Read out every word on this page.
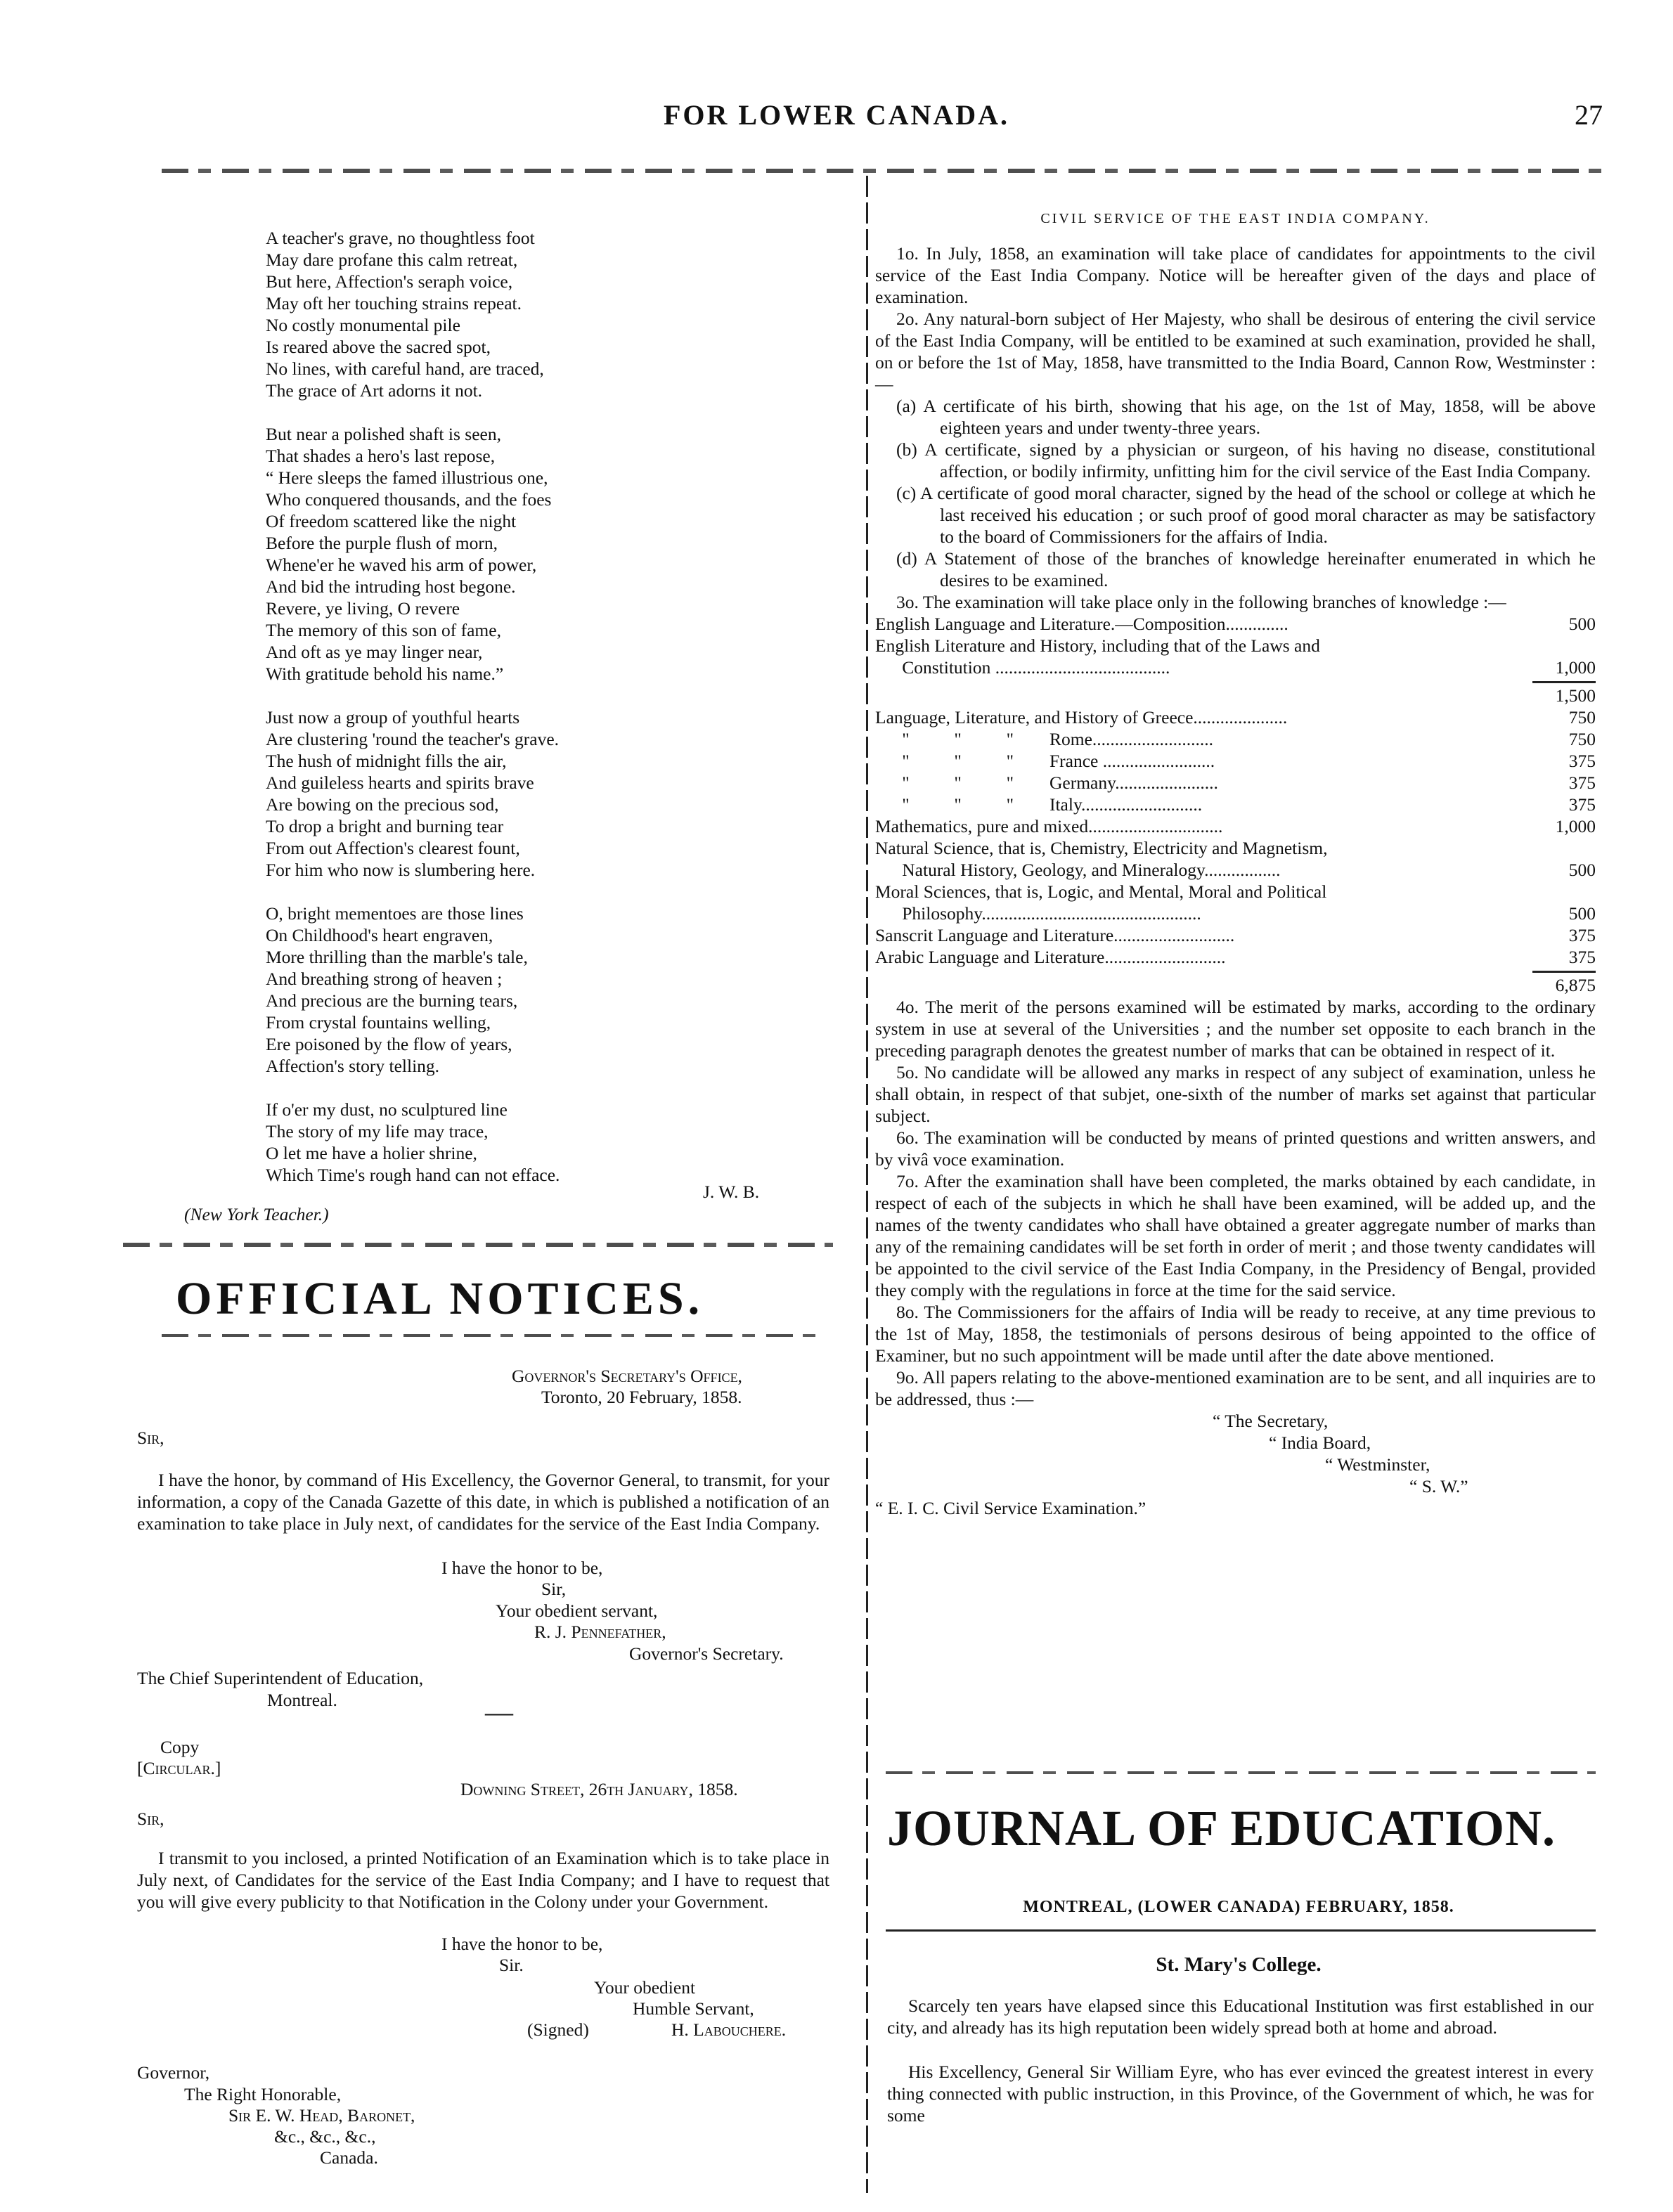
FOR LOWER CANADA.	27

A teacher's grave, no thoughtless foot
May dare profane this calm retreat,
But here, Affection's seraph voice,
May oft her touching strains repeat.
No costly monumental pile
Is reared above the sacred spot,
No lines, with careful hand, are traced,
The grace of Art adorns it not.

But near a polished shaft is seen,
That shades a hero's last repose,
“ Here sleeps the famed illustrious one,
Who conquered thousands, and the foes
Of freedom scattered like the night
Before the purple flush of morn,
Whene'er he waved his arm of power,
And bid the intruding host begone.
Revere, ye living, O revere
The memory of this son of fame,
And oft as ye may linger near,
With gratitude behold his name.”

Just now a group of youthful hearts
Are clustering 'round the teacher's grave.
The hush of midnight fills the air,
And guileless hearts and spirits brave
Are bowing on the precious sod,
To drop a bright and burning tear
From out Affection's clearest fount,
For him who now is slumbering here.

O, bright mementoes are those lines
On Childhood's heart engraven,
More thrilling than the marble's tale,
And breathing strong of heaven ;
And precious are the burning tears,
From crystal fountains welling,
Ere poisoned by the flow of years,
Affection's story telling.

If o'er my dust, no sculptured line
The story of my life may trace,
O let me have a holier shrine,
Which Time's rough hand can not efface.

J. W. B.
(New York Teacher.)
OFFICIAL NOTICES.
Governor's Secretary's Office,
Toronto, 20 February, 1858.
Sir,
I have the honor, by command of His Excellency, the Governor General, to transmit, for your information, a copy of the Canada Gazette of this date, in which is published a notification of an examination to take place in July next, of candidates for the service of the East India Company.
I have the honor to be,
Sir,
Your obedient servant,
R. J. Pennefather,
Governor's Secretary.
The Chief Superintendent of Education,
Montreal.	—
Copy
[Circular.]
Downing Street, 26th January, 1858.
Sir,
I transmit to you inclosed, a printed Notification of an Examination which is to take place in July next, of Candidates for the service of the East India Company; and I have to request that you will give every publicity to that Notification in the Colony under your Government.
I have the honor to be,
Sir.
Your obedient
Humble Servant,
(Signed)	H. Labouchere.
Governor,
The Right Honorable,
Sir E. W. Head, Baronet,
&c., &c., &c.,
Canada.
CIVIL SERVICE OF THE EAST INDIA COMPANY.

1o. In July, 1858, an examination will take place of candidates for appointments to the civil service of the East India Company. Notice will be hereafter given of the days and place of examination.

2o. Any natural-born subject of Her Majesty, who shall be desirous of entering the civil service of the East India Company, will be entitled to be examined at such examination, provided he shall, on or before the 1st of May, 1858, have transmitted to the India Board, Cannon Row, Westminster :—

(a) A certificate of his birth, showing that his age, on the 1st of May, 1858, will be above eighteen years and under twenty-three years.

(b) A certificate, signed by a physician or surgeon, of his having no disease, constitutional affection, or bodily infirmity, unfitting him for the civil service of the East India Company.

(c) A certificate of good moral character, signed by the head of the school or college at which he last received his education ; or such proof of good moral character as may be satisfactory to the board of Commissioners for the affairs of India.

(d) A Statement of those of the branches of knowledge hereinafter enumerated in which he desires to be examined.

3o. The examination will take place only in the following branches of knowledge :—

English Language and Literature.—Composition..............	500
English Literature and History, including that of the Laws and
Constitution .......................................	1,000
1,500
Language, Literature, and History of Greece.....................	750
"          "          "        Rome...........................	750
"          "          "        France .........................	375
"          "          "        Germany.......................	375
"          "          "        Italy...........................	375
Mathematics, pure and mixed..............................	1,000
Natural Science, that is, Chemistry, Electricity and Magnetism,
Natural History, Geology, and Mineralogy.................	500
Moral Sciences, that is, Logic, and Mental, Moral and Political
Philosophy.................................................	500
Sanscrit Language and Literature...........................	375
Arabic Language and Literature...........................	375
6,875

4o. The merit of the persons examined will be estimated by marks, according to the ordinary system in use at several of the Universities ; and the number set opposite to each branch in the preceding paragraph denotes the greatest number of marks that can be obtained in respect of it.

5o. No candidate will be allowed any marks in respect of any subject of examination, unless he shall obtain, in respect of that subjet, one-sixth of the number of marks set against that particular subject.

6o. The examination will be conducted by means of printed questions and written answers, and by vivâ voce examination.

7o. After the examination shall have been completed, the marks obtained by each candidate, in respect of each of the subjects in which he shall have been examined, will be added up, and the names of the twenty candidates who shall have obtained a greater aggregate number of marks than any of the remaining candidates will be set forth in order of merit ; and those twenty candidates will be appointed to the civil service of the East India Company, in the Presidency of Bengal, provided they comply with the regulations in force at the time for the said service.

8o. The Commissioners for the affairs of India will be ready to receive, at any time previous to the 1st of May, 1858, the testimonials of persons desirous of being appointed to the office of Examiner, but no such appointment will be made until after the date above mentioned.

9o. All papers relating to the above-mentioned examination are to be sent, and all inquiries are to be addressed, thus :—

“ The Secretary,
“ India Board,
“ Westminster,
“ S. W.”
“ E. I. C. Civil Service Examination.”
JOURNAL OF EDUCATION.
MONTREAL, (LOWER CANADA) FEBRUARY, 1858.
St. Mary's College.
Scarcely ten years have elapsed since this Educational Institution was first established in our city, and already has its high reputation been widely spread both at home and abroad.
His Excellency, General Sir William Eyre, who has ever evinced the greatest interest in every thing connected with public instruction, in this Province, of the Government of which, he was for some
